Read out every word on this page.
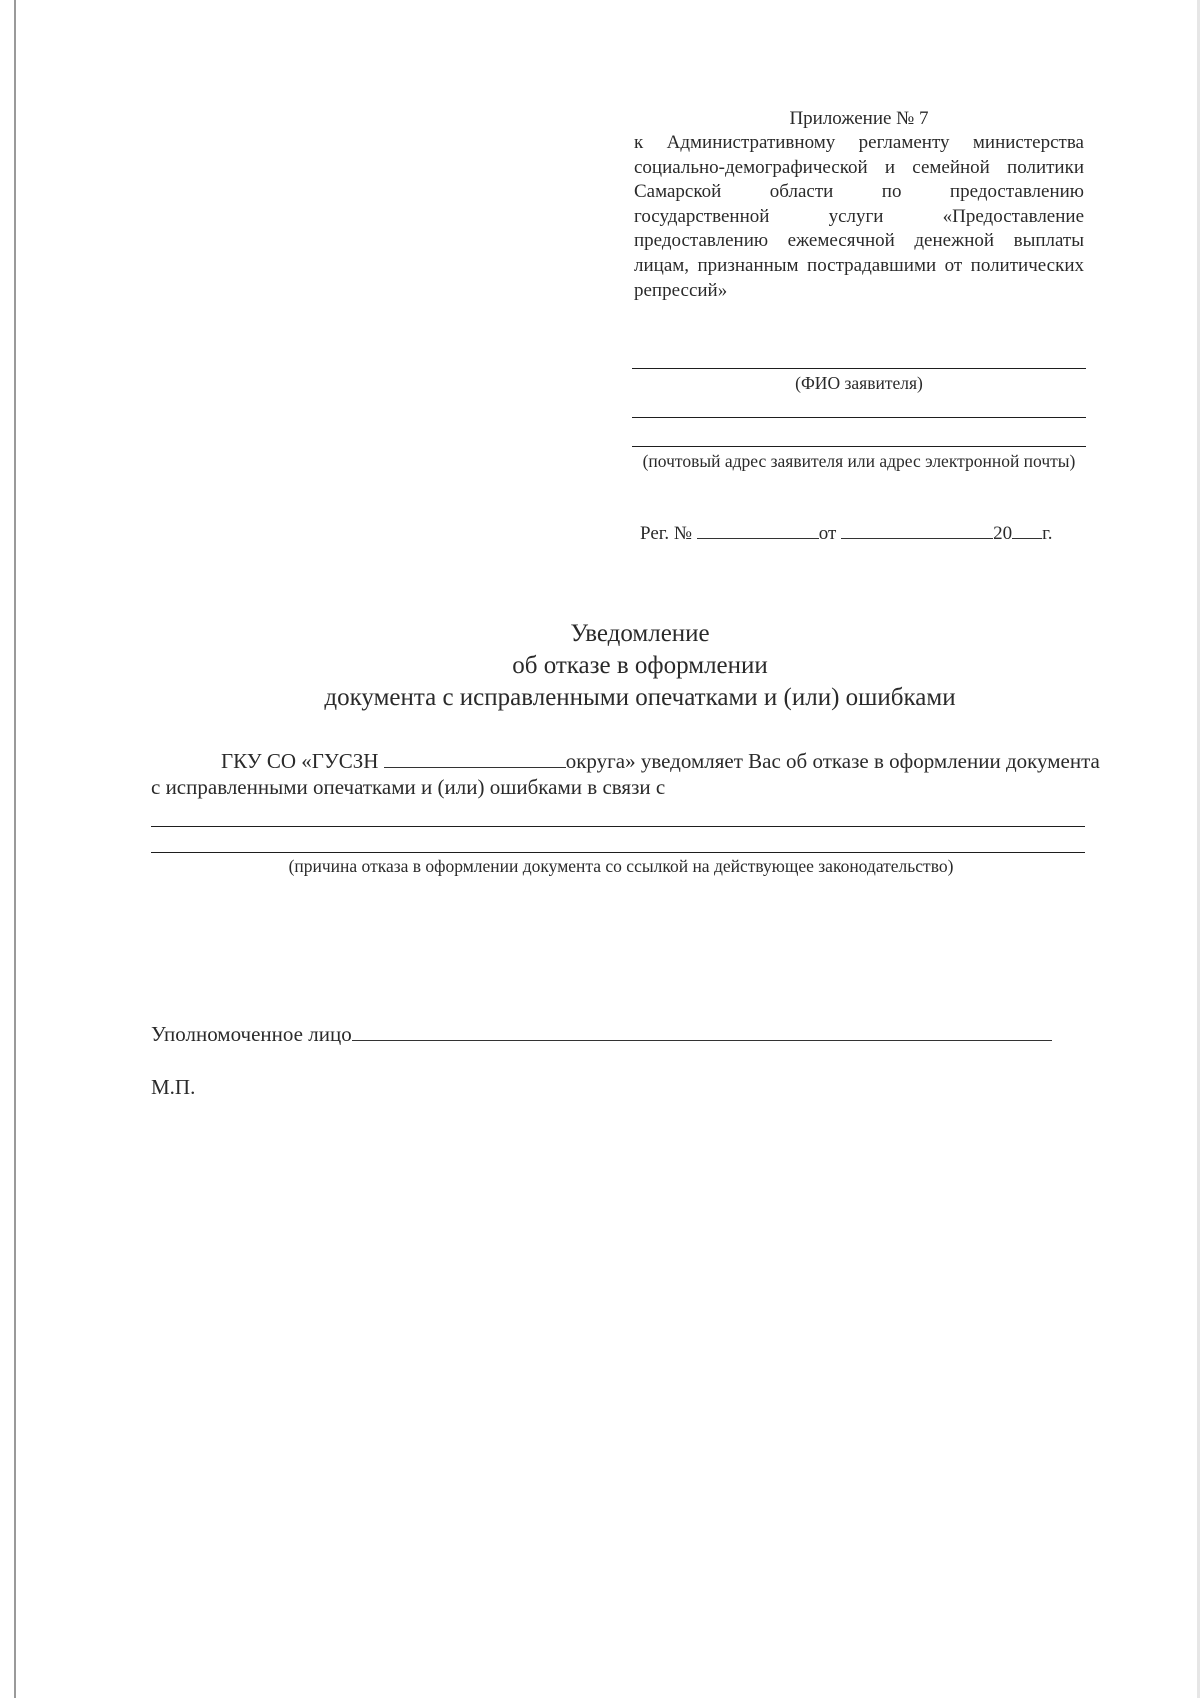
Приложение № 7

к Административному регламенту министерства социально-демографической и семейной политики Самарской области по предоставлению государственной услуги «Предоставление предоставлению ежемесячной денежной выплаты лицам, признанным пострадавшими от политических репрессий»

(ФИО заявителя)

(почтовый адрес заявителя или адрес электронной почты)

Рег. №	от	20 г.
Уведомление
об отказе в оформлении
документа с исправленными опечатками и (или) ошибками

ГКУ СО «ГУСЗН	округа» уведомляет Вас об отказе в оформлении документа с исправленными опечатками и (или) ошибками в связи с

(причина отказа в оформлении документа со ссылкой на действующее законодательство)

Уполномоченное лицо
М.П.
